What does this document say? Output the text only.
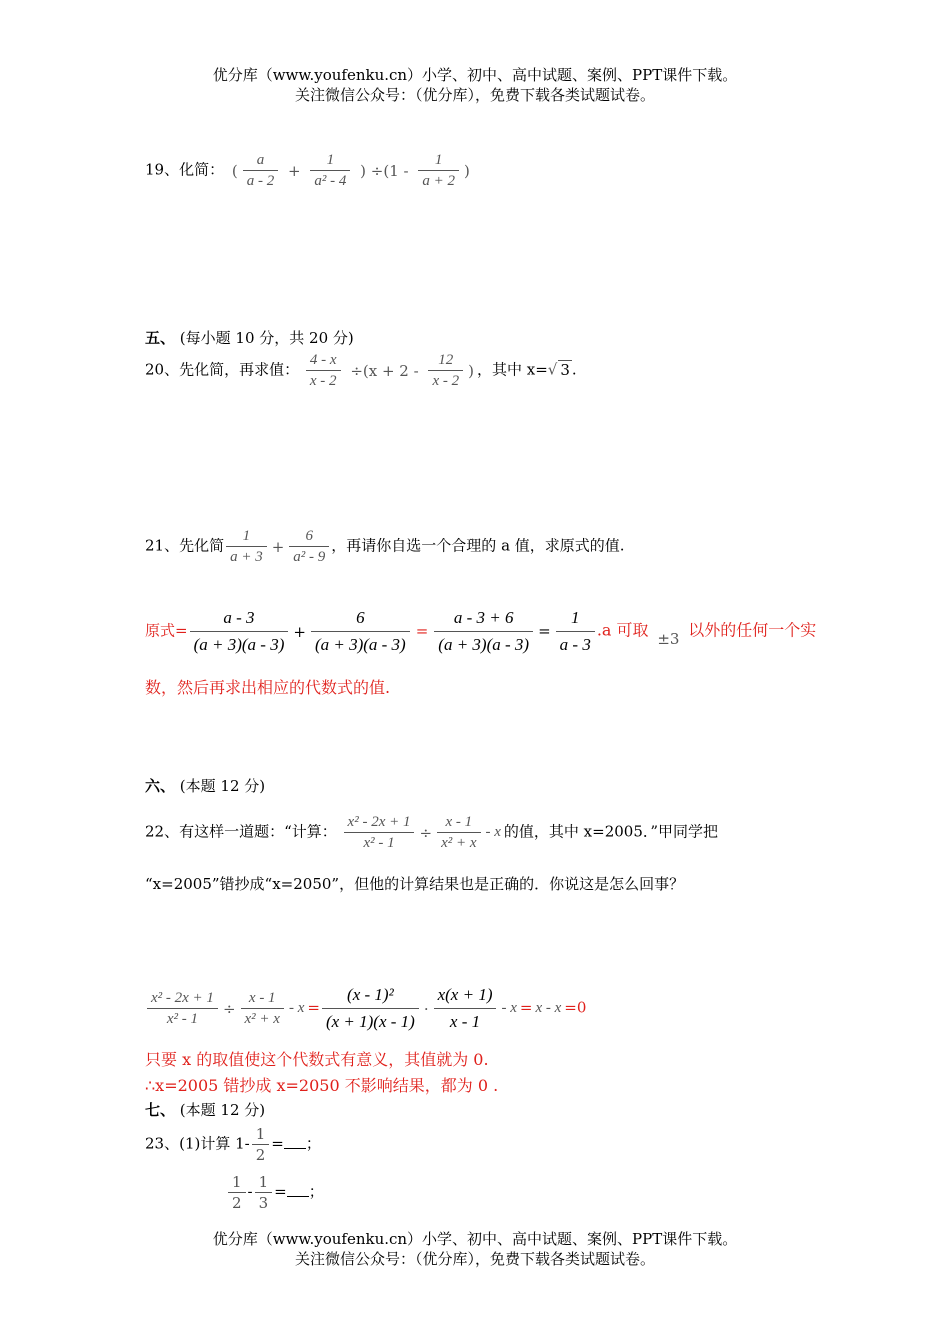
优分库（www.youfenku.cn）小学、初中、高中试题、案例、PPT课件下载。
关注微信公众号：（优分库），免费下载各类试题试卷。
19、化简： ( $\frac{a}{a - 2} + \frac{1}{\text{a² - 4}}$ ) $\div(1 - \frac{1}{a + 2}$ )
五、 (每小题 10 分，共 20 分)
20、先化简，再求值： $\frac{4 - x}{x - 2} \div(x + 2 - \frac{12}{x - 2}$ ) ，其中 x=√ 3 .
21、先化简 $\frac{1}{a + 3} + \frac{6}{\text{a² - 9}}$ ，再请你自选一个合理的 a 值，求原式的值.
原式= $\frac{a - 3}{(a + 3)(a - 3)} + \frac{6}{(a + 3)(a - 3)} = \frac{a - 3 + 6}{(a + 3)(a - 3)} = \frac{1}{a - 3} .a$ 可取 ±3 以外的任何一个实
数，然后再求出相应的代数式的值.
六、 (本题 12 分)
22、有这样一道题：“计算： $\frac{\text{x² - 2x + 1}}{\text{x² - 1}} \div \frac{x - 1}{\text{x² + x}} - x$ 的值，其中 x=2005．”甲同学把
“x=2005”错抄成“x=2050”，但他的计算结果也是正确的．你说这是怎么回事？
$\frac{\text{x² - 2x + 1}}{\text{x² - 1}} \div \frac{x - 1}{\text{x² + x}} - x = \frac{\text{(x - 1)²}}{(x + 1)(x - 1)} \cdot \frac{x(x + 1)}{x - 1} - x = x - x =0$
只要 x 的取值使这个代数式有意义，其值就为 0.
∴x=2005 错抄成 x=2050 不影响结果，都为 0 .
七、 (本题 12 分)
23、(1)计算 $1- \frac{1}{2}$ = ；
$\frac{1}{2} - \frac{1}{3}$ = ；
优分库（www.youfenku.cn）小学、初中、高中试题、案例、PPT课件下载。
关注微信公众号：（优分库），免费下载各类试题试卷。
